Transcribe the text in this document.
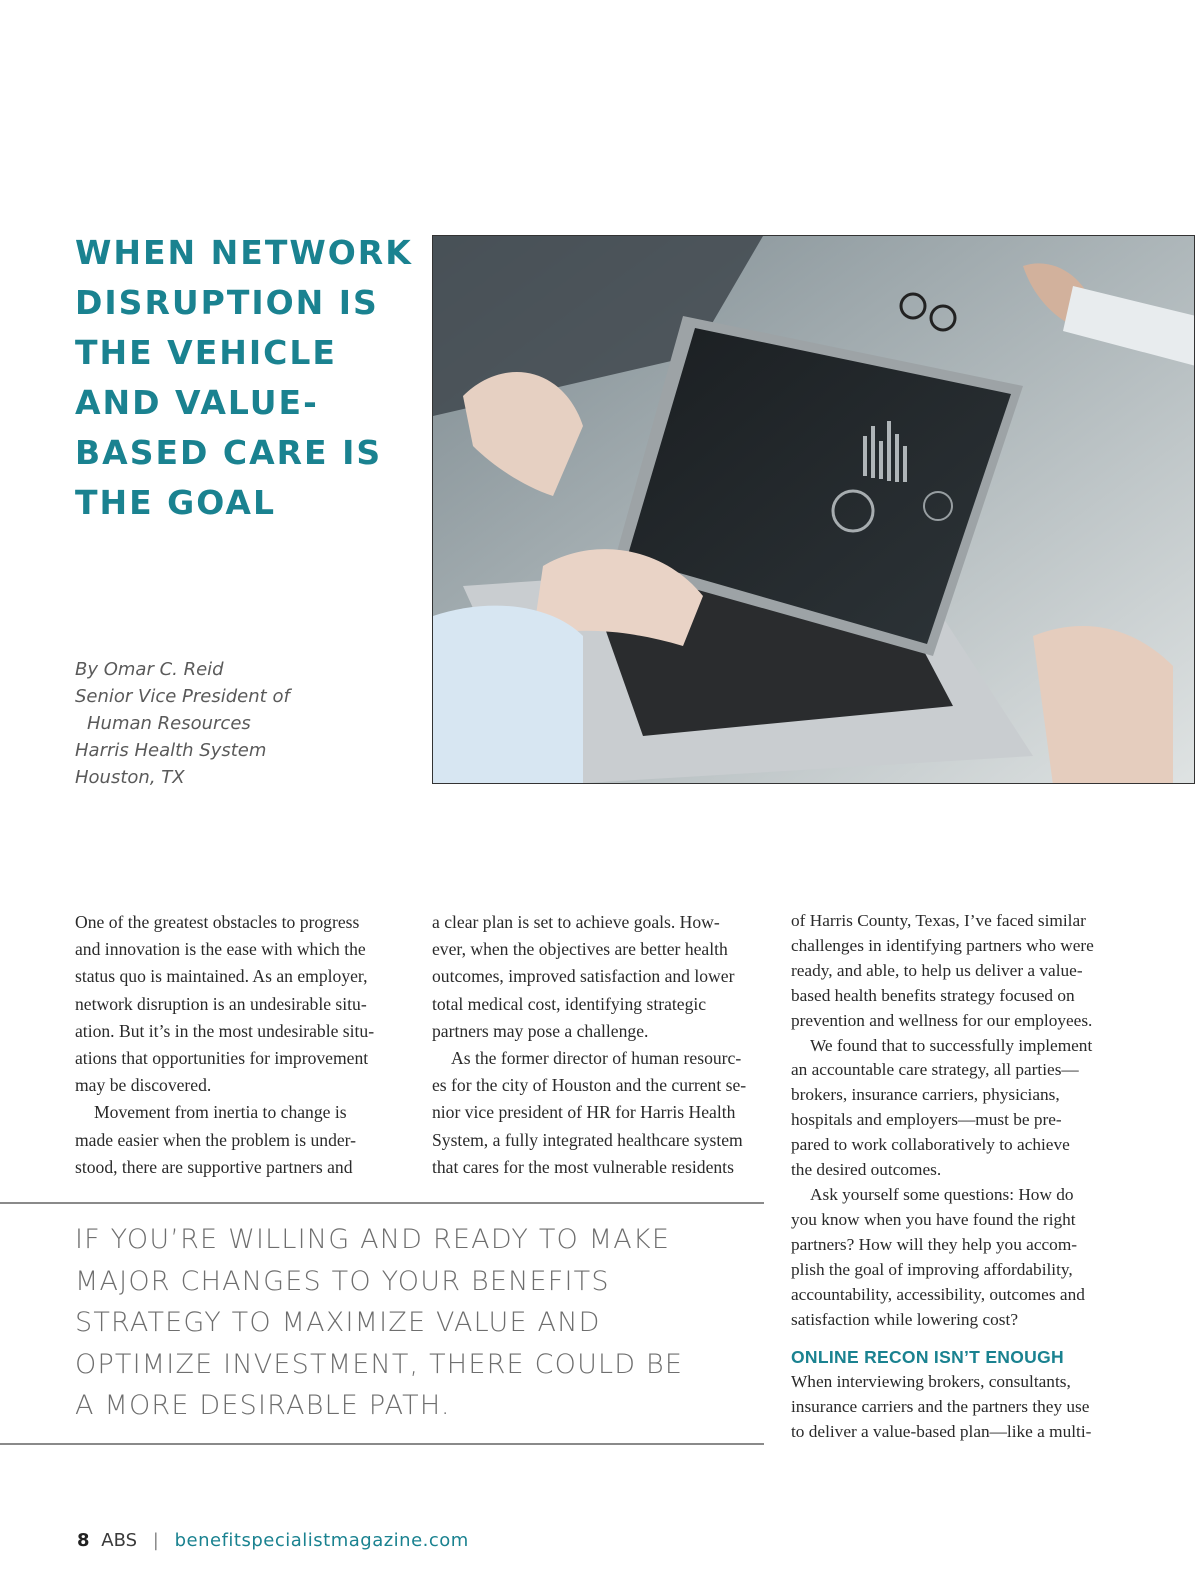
WHEN NETWORK
DISRUPTION IS
THE VEHICLE
AND VALUE-
BASED CARE IS
THE GOAL
By Omar C. Reid
Senior Vice President of
Human Resources
Harris Health System
Houston, TX
One of the greatest obstacles to progress
and innovation is the ease with which the
status quo is maintained. As an employer,
network disruption is an undesirable situ-
ation. But it’s in the most undesirable situ-
ations that opportunities for improvement
may be discovered.
Movement from inertia to change is
made easier when the problem is under-
stood, there are supportive partners and
a clear plan is set to achieve goals. How-
ever, when the objectives are better health
outcomes, improved satisfaction and lower
total medical cost, identifying strategic
partners may pose a challenge.
As the former director of human resourc-
es for the city of Houston and the current se-
nior vice president of HR for Harris Health
System, a fully integrated healthcare system
that cares for the most vulnerable residents
of Harris County, Texas, I’ve faced similar
challenges in identifying partners who were
ready, and able, to help us deliver a value-
based health benefits strategy focused on
prevention and wellness for our employees.
We found that to successfully implement
an accountable care strategy, all parties—
brokers, insurance carriers, physicians,
hospitals and employers—must be pre-
pared to work collaboratively to achieve
the desired outcomes.
Ask yourself some questions: How do
you know when you have found the right
partners? How will they help you accom-
plish the goal of improving affordability,
accountability, accessibility, outcomes and
satisfaction while lowering cost?
ONLINE RECON ISN’T ENOUGH
When interviewing brokers, consultants,
insurance carriers and the partners they use
to deliver a value-based plan—like a multi-
IF YOU’RE WILLING AND READY TO MAKE
MAJOR CHANGES TO YOUR BENEFITS
STRATEGY TO MAXIMIZE VALUE AND
OPTIMIZE INVESTMENT, THERE COULD BE
A MORE DESIRABLE PATH.
8 ABS | benefitspecialistmagazine.com
